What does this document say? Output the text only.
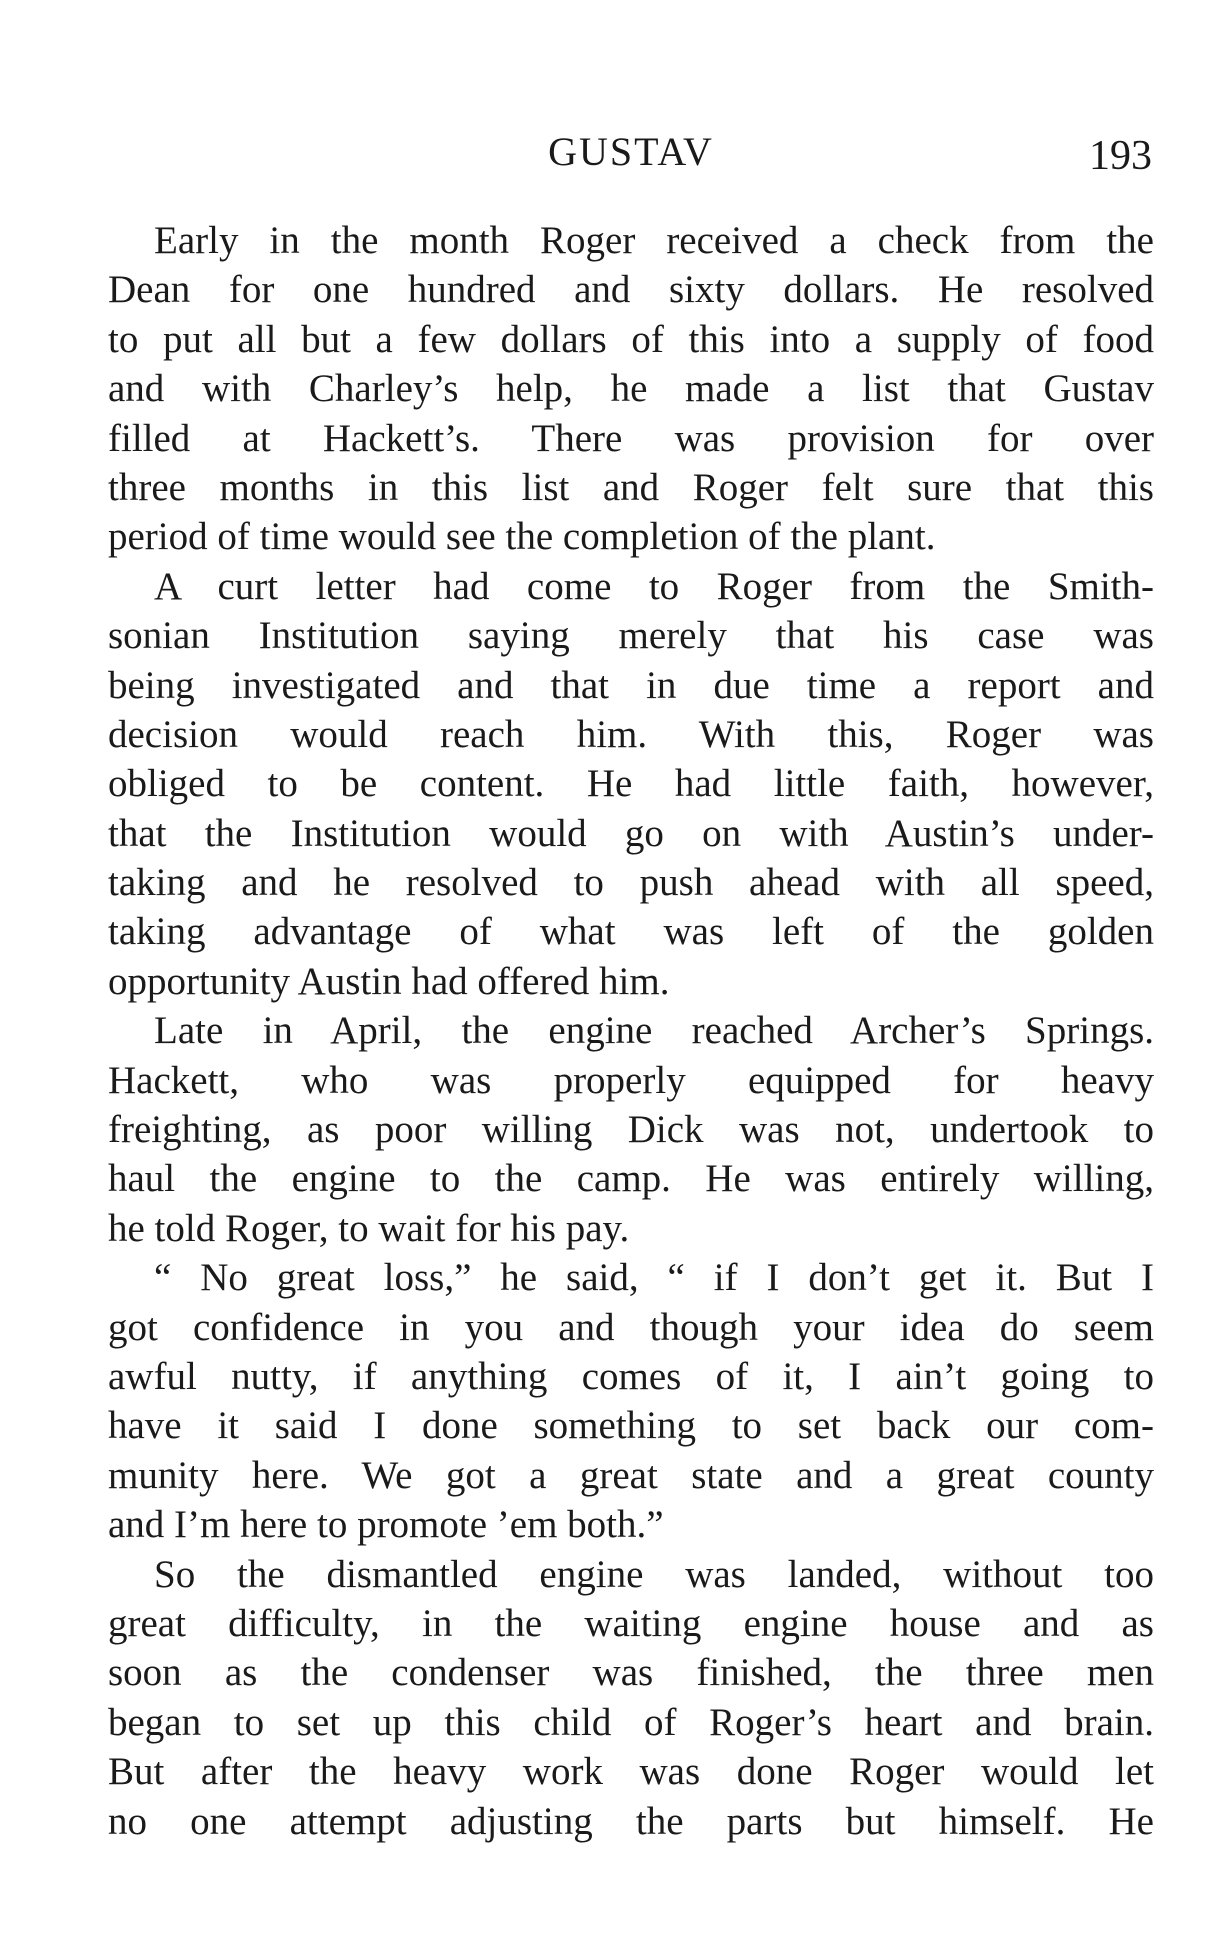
GUSTAV	193
Early in the month Roger received a check from the
Dean for one hundred and sixty dollars. He resolved
to put all but a few dollars of this into a supply of food
and with Charley’s help, he made a list that Gustav
filled at Hackett’s. There was provision for over
three months in this list and Roger felt sure that this
period of time would see the completion of the plant.
A curt letter had come to Roger from the Smith-
sonian Institution saying merely that his case was
being investigated and that in due time a report and
decision would reach him. With this, Roger was
obliged to be content. He had little faith, however,
that the Institution would go on with Austin’s under-
taking and he resolved to push ahead with all speed,
taking advantage of what was left of the golden
opportunity Austin had offered him.
Late in April, the engine reached Archer’s Springs.
Hackett, who was properly equipped for heavy
freighting, as poor willing Dick was not, undertook to
haul the engine to the camp. He was entirely willing,
he told Roger, to wait for his pay.
“ No great loss,” he said, “ if I don’t get it. But I
got confidence in you and though your idea do seem
awful nutty, if anything comes of it, I ain’t going to
have it said I done something to set back our com-
munity here. We got a great state and a great county
and I’m here to promote ’em both.”
So the dismantled engine was landed, without too
great difficulty, in the waiting engine house and as
soon as the condenser was finished, the three men
began to set up this child of Roger’s heart and brain.
But after the heavy work was done Roger would let
no one attempt adjusting the parts but himself. He
